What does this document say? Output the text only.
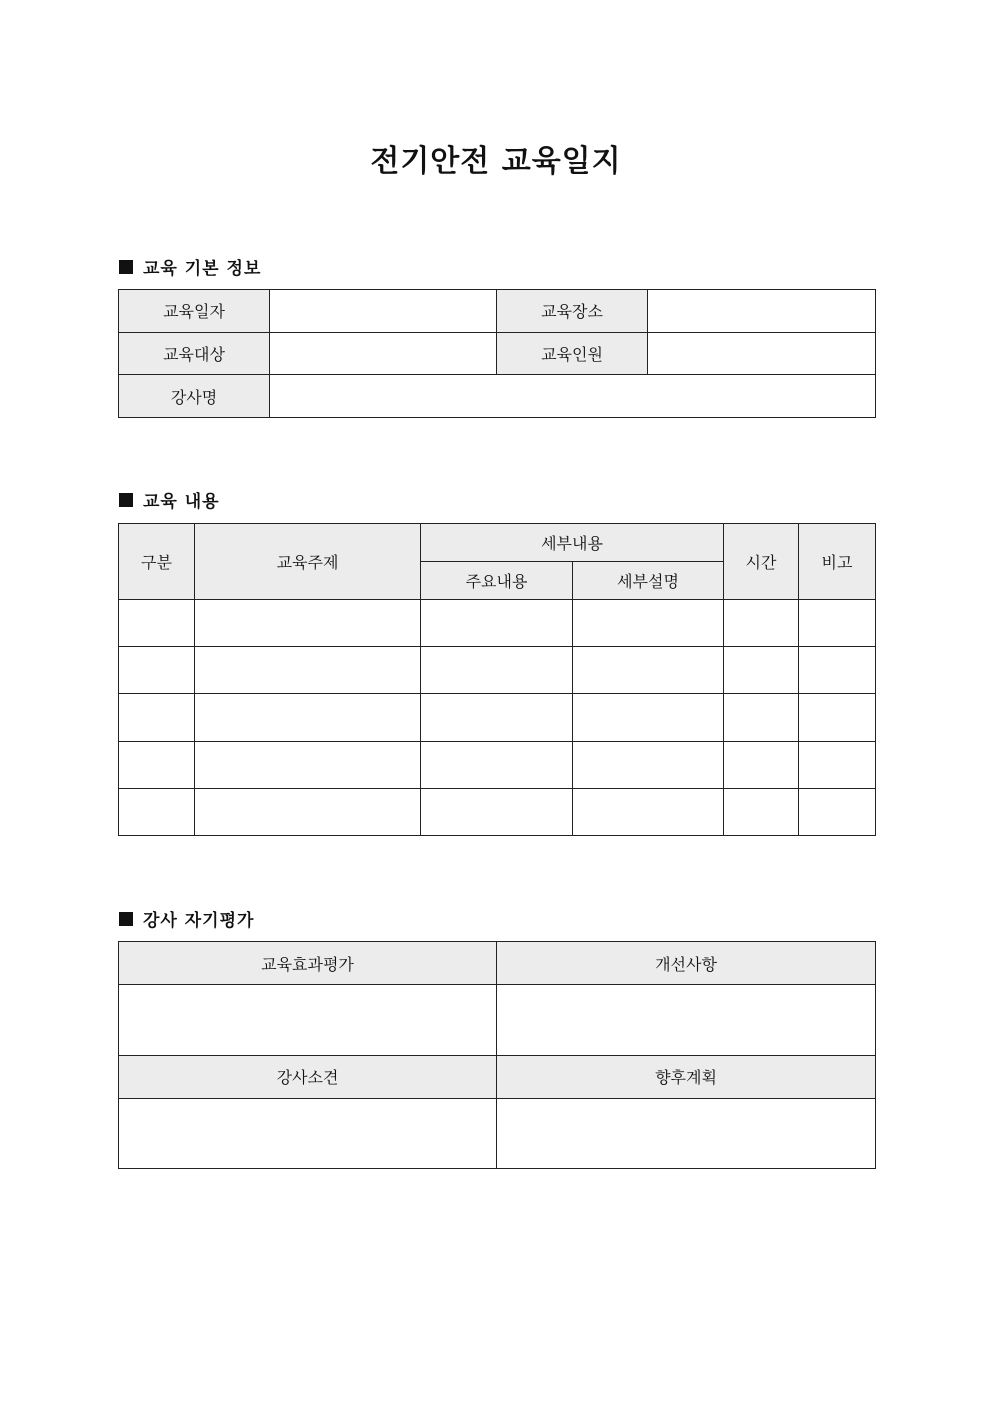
전기안전 교육일지
교육 기본 정보
교육일자		교육장소	
교육대상		교육인원	
강사명			
교육 내용
구분	교육주제	세부내용		시간	비고
		주요내용	세부설명		

강사 자기평가
교육효과평가	개선사항

강사소견	향후계획
